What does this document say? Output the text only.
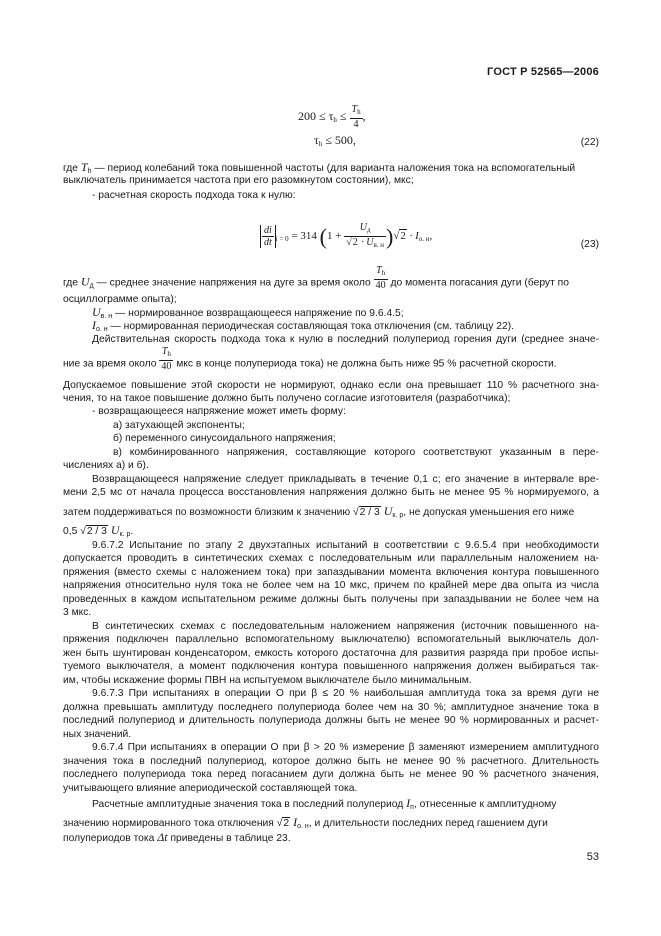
ГОСТ Р 52565—2006
$200 \le \tau_h \le \frac{T_h}{4}$ ,
$\tau_h \le 500$,	(22)
где $T_h$ — период колебаний тока повышенной частоты (для варианта наложения тока на вспомогательный
выключатель принимается частота при его разомкнутом состоянии), мкс;
- расчетная скорость подхода тока к нулю:
$\frac{di}{dt} _{i = 0} = 314$ $(1 + \frac{U_д}{√2 \cdot U_{в. н}} )√2 \cdot I_{о. н}$,
(23)
где $U_д$ — среднее значение напряжения на дуге за время около $\frac{T_h}{40}$ до момента погасания дуги (берут по
осциллограмме опыта);
$U_{в. н}$ — нормированное возвращающееся напряжение по 9.6.4.5;
$I_{о. н}$ — нормированная периодическая составляющая тока отключения (см. таблицу 22).
Действительная скорость подхода тока к нулю в последний полупериод горения дуги (среднее значе-
ние за время около $\frac{T_h}{40}$ мкс в конце полупериода тока) не должна быть ниже 95 % расчетной скорости.
Допускаемое повышение этой скорости не нормируют, однако если она превышает 110 % расчетного зна-
чения, то на такое повышение должно быть получено согласие изготовителя (разработчика);
- возвращающееся напряжение может иметь форму:
а) затухающей экспоненты;
б) переменного синусоидального напряжения;
в) комбинированного напряжения, составляющие которого соответствуют указанным в пере-
числениях а) и б).
Возвращающееся напряжение следует прикладывать в течение 0,1 с; его значение в интервале вре-
мени 2,5 мс от начала процесса восстановления напряжения должно быть не менее 95 % нормируемого, а
затем поддерживаться по возможности близким к значению √2 / 3 $U_{к. р}$, не допуская уменьшения его ниже
0,5 √2 / 3 $U_{к. р}$.
9.6.7.2 Испытание по этапу 2 двухэтапных испытаний в соответствии с 9.6.5.4 при необходимости
допускается проводить в синтетических схемах с последовательным или параллельным наложением на-
пряжения (вместо схемы с наложением тока) при запаздывании момента включения контура повышенного
напряжения относительно нуля тока не более чем на 10 мкс, причем по крайней мере два опыта из числа
проведенных в каждом испытательном режиме должны быть получены при запаздывании не более чем на
3 мкс.
В синтетических схемах с последовательным наложением напряжения (источник повышенного на-
пряжения подключен параллельно вспомогательному выключателю) вспомогательный выключатель дол-
жен быть шунтирован конденсатором, емкость которого достаточна для развития разряда при пробое испы-
туемого выключателя, а момент подключения контура повышенного напряжения должен выбираться так-
им, чтобы искажение формы ПВН на испытуемом выключателе было минимальным.
9.6.7.3 При испытаниях в операции О при β ≤ 20 % наибольшая амплитуда тока за время дуги не
должна превышать амплитуду последнего полупериода более чем на 30 %; амплитудное значение тока в
последний полупериод и длительность полупериода должны быть не менее 90 % нормированных и расчет-
ных значений.
9.6.7.4 При испытаниях в операции О при β > 20 % измерение β заменяют измерением амплитудного
значения тока в последний полупериод, которое должно быть не менее 90 % расчетного. Длительность
последнего полупериода тока перед погасанием дуги должна быть не менее 90 % расчетного значения,
учитывающего влияние апериодической составляющей тока.
Расчетные амплитудные значения тока в последний полупериод $I_п$, отнесенные к амплитудному
значению нормированного тока отключения √2 $I_{о. н}$, и длительности последних перед гашением дуги
полупериодов тока Δt приведены в таблице 23.
53
